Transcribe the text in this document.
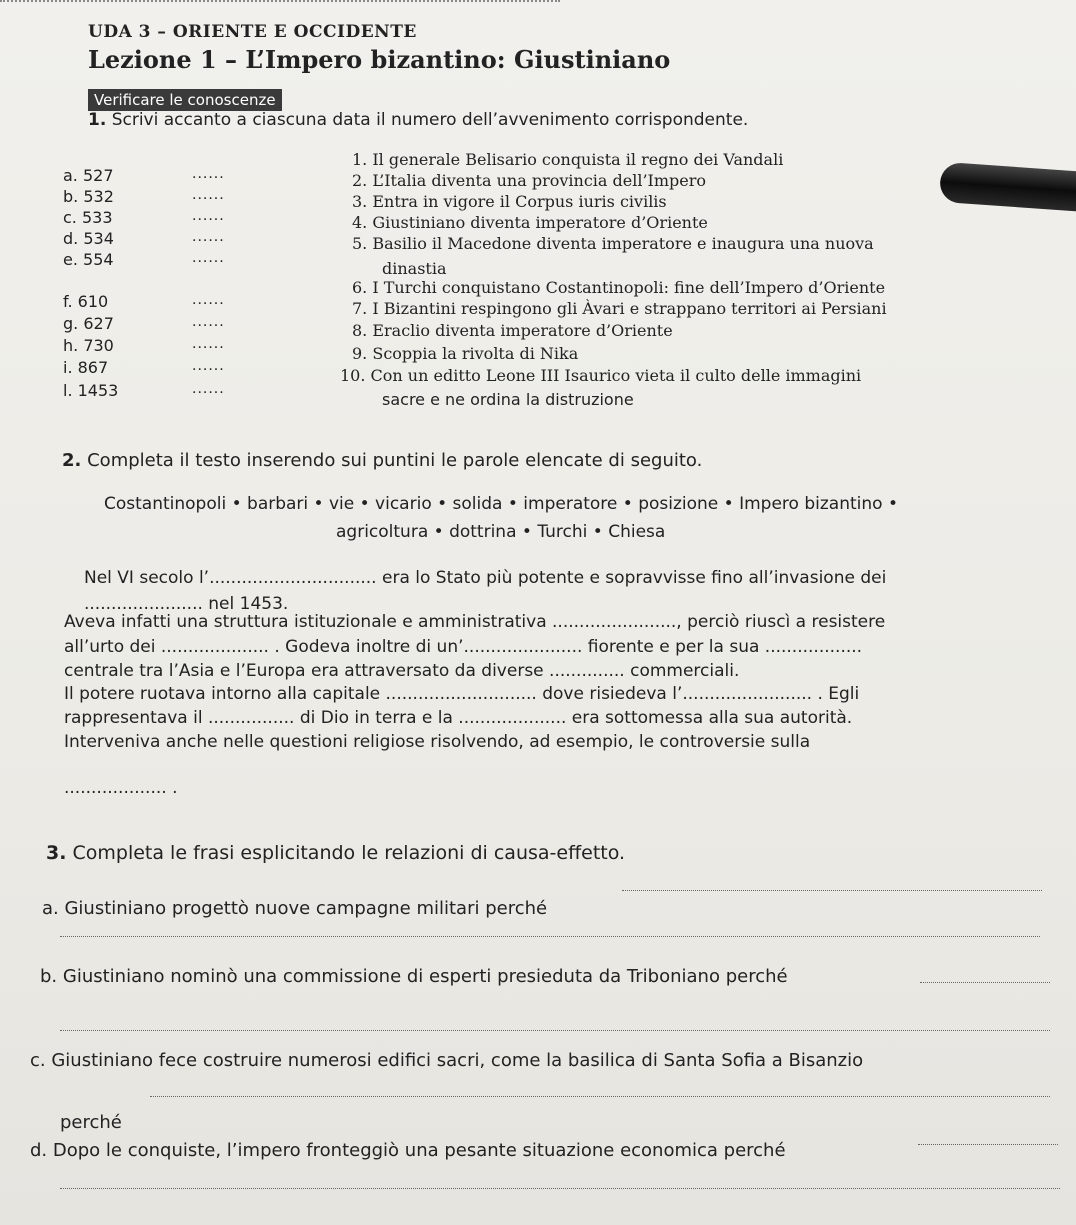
UDA 3 – ORIENTE E OCCIDENTE
Lezione 1 – L’Impero bizantino: Giustiniano
Verificare le conoscenze
1. Scrivi accanto a ciascuna data il numero dell’avvenimento corrispondente.
a. 527
b. 532
c. 533
d. 534
e. 554
f. 610
g. 627
h. 730
i. 867
l. 1453
......
......
......
......
......
......
......
......
......
......
1. Il generale Belisario conquista il regno dei Vandali
2. L’Italia diventa una provincia dell’Impero
3. Entra in vigore il Corpus iuris civilis
4. Giustiniano diventa imperatore d’Oriente
5. Basilio il Macedone diventa imperatore e inaugura una nuova
dinastia
6. I Turchi conquistano Costantinopoli: fine dell’Impero d’Oriente
7. I Bizantini respingono gli Àvari e strappano territori ai Persiani
8. Eraclio diventa imperatore d’Oriente
9. Scoppia la rivolta di Nika
10. Con un editto Leone III Isaurico vieta il culto delle immagini
sacre e ne ordina la distruzione
2. Completa il testo inserendo sui puntini le parole elencate di seguito.
Costantinopoli • barbari • vie • vicario • solida • imperatore • posizione • Impero bizantino •
agricoltura • dottrina • Turchi • Chiesa
Nel VI secolo l’............................... era lo Stato più potente e sopravvisse fino all’invasione dei
...................... nel 1453.
Aveva infatti una struttura istituzionale e amministrativa ......................., perciò riuscì a resistere
all’urto dei .................... . Godeva inoltre di un’...................... fiorente e per la sua ..................
centrale tra l’Asia e l’Europa era attraversato da diverse .............. commerciali.
Il potere ruotava intorno alla capitale ............................ dove risiedeva l’........................ . Egli
rappresentava il ................ di Dio in terra e la .................... era sottomessa alla sua autorità.
Interveniva anche nelle questioni religiose risolvendo, ad esempio, le controversie sulla
................... .
3. Completa le frasi esplicitando le relazioni di causa-effetto.
a. Giustiniano progettò nuove campagne militari perché
b. Giustiniano nominò una commissione di esperti presieduta da Triboniano perché
c. Giustiniano fece costruire numerosi edifici sacri, come la basilica di Santa Sofia a Bisanzio
perché
d. Dopo le conquiste, l’impero fronteggiò una pesante situazione economica perché
